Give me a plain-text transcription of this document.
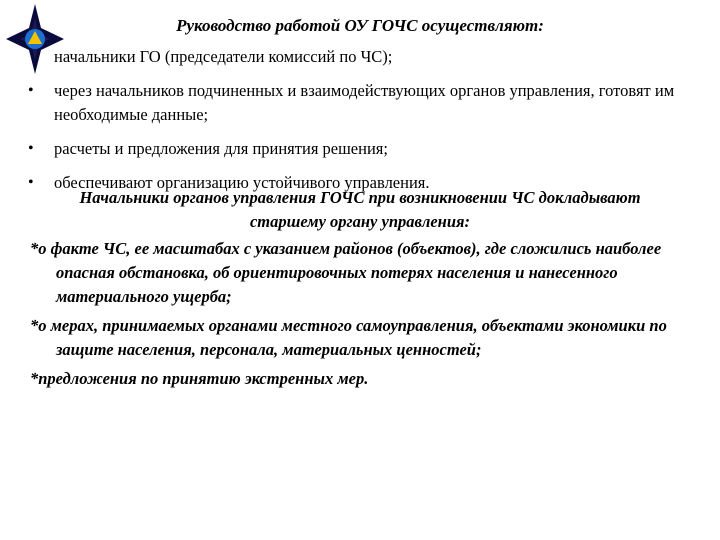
Руководство работой ОУ ГОЧС осуществляют:
начальники ГО (председатели комиссий по ЧС);
• через начальников подчиненных и взаимодействующих органов управления, готовят им необходимые данные;
• расчеты и предложения для принятия решения;
• обеспечивают организацию устойчивого управления.

Начальники органов управления ГОЧС при возникновении ЧС докладывают старшему органу управления:

*о факте ЧС, ее масштабах с указанием районов (объектов), где сложились наиболее опасная обстановка, об ориентировочных потерях населения и нанесенного материального ущерба;

*о мерах, принимаемых органами местного самоуправления, объектами экономики по защите населения, персонала, материальных ценностей;

*предложения по принятию экстренных мер.
